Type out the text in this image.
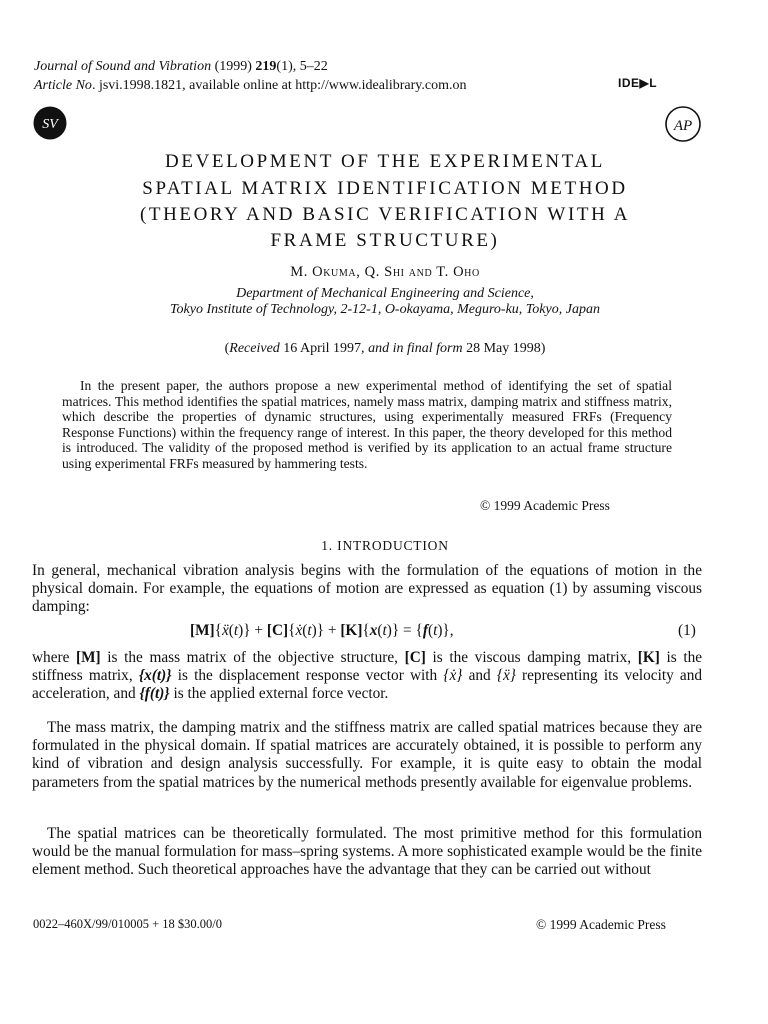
Journal of Sound and Vibration (1999) 219(1), 5–22
Article No. jsvi.1998.1821, available online at http://www.idealibrary.com.on	IDE▶L
SV	AP
DEVELOPMENT OF THE EXPERIMENTAL
SPATIAL MATRIX IDENTIFICATION METHOD
(THEORY AND BASIC VERIFICATION WITH A
FRAME STRUCTURE)
M. Okuma, Q. Shi and T. Oho
Department of Mechanical Engineering and Science,
Tokyo Institute of Technology, 2-12-1, O-okayama, Meguro-ku, Tokyo, Japan
(Received 16 April 1997, and in final form 28 May 1998)
In the present paper, the authors propose a new experimental method of identifying the set of spatial matrices. This method identifies the spatial matrices, namely mass matrix, damping matrix and stiffness matrix, which describe the properties of dynamic structures, using experimentally measured FRFs (Frequency Response Functions) within the frequency range of interest. In this paper, the theory developed for this method is introduced. The validity of the proposed method is verified by its application to an actual frame structure using experimental FRFs measured by hammering tests.
© 1999 Academic Press
1. INTRODUCTION
In general, mechanical vibration analysis begins with the formulation of the equations of motion in the physical domain. For example, the equations of motion are expressed as equation (1) by assuming viscous damping:
[M]{ẍ(t)} + [C]{ẋ(t)} + [K]{x(t)} = {f(t)},	(1)
where [M] is the mass matrix of the objective structure, [C] is the viscous damping matrix, [K] is the stiffness matrix, {x(t)} is the displacement response vector with {ẋ} and {ẍ} representing its velocity and acceleration, and {f(t)} is the applied external force vector.
The mass matrix, the damping matrix and the stiffness matrix are called spatial matrices because they are formulated in the physical domain. If spatial matrices are accurately obtained, it is possible to perform any kind of vibration and design analysis successfully. For example, it is quite easy to obtain the modal parameters from the spatial matrices by the numerical methods presently available for eigenvalue problems.
The spatial matrices can be theoretically formulated. The most primitive method for this formulation would be the manual formulation for mass–spring systems. A more sophisticated example would be the finite element method. Such theoretical approaches have the advantage that they can be carried out without
0022–460X/99/010005 + 18 $30.00/0	© 1999 Academic Press
